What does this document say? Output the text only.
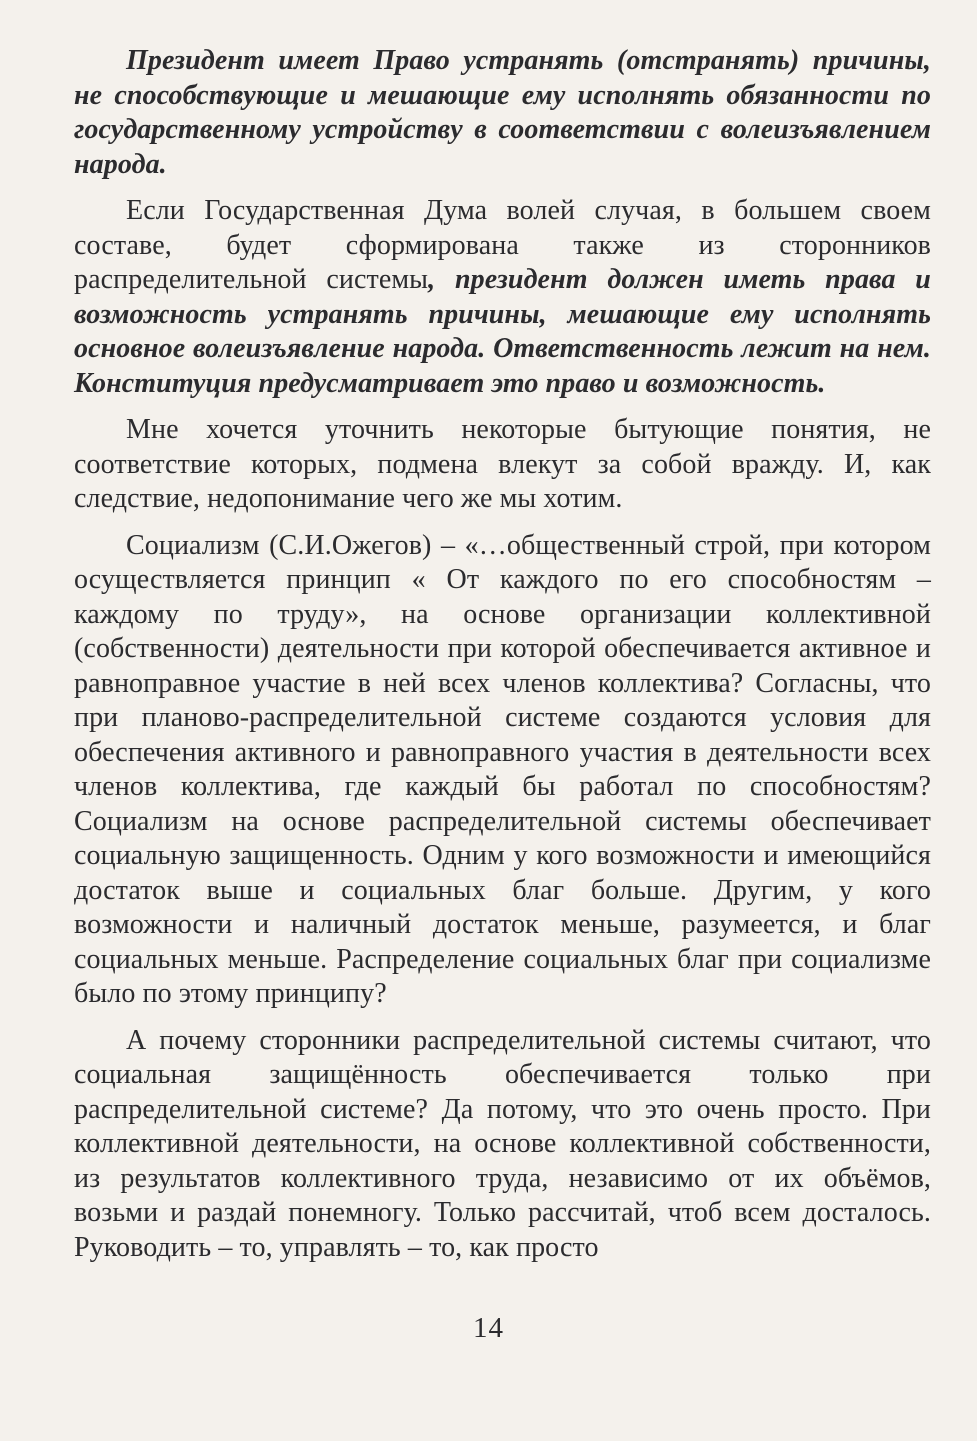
Президент имеет Право устранять (отстранять) причины, не способствующие и мешающие ему исполнять обязанности по государственному устройству в соответствии с волеизъявлением народа.

Если Государственная Дума волей случая, в большем своем составе, будет сформирована также из сторонников распределительной системы, президент должен иметь права и возможность устранять причины, мешающие ему исполнять основное волеизъявление народа. Ответственность лежит на нем. Конституция предусматривает это право и возможность.

Мне хочется уточнить некоторые бытующие понятия, не соответствие которых, подмена влекут за собой вражду. И, как следствие, недопонимание чего же мы хотим.

Социализм (С.И.Ожегов) – «…общественный строй, при котором осуществляется принцип « От каждого по его способностям – каждому по труду», на основе организации коллективной (собственности) деятельности при которой обеспечивается активное и равноправное участие в ней всех членов коллектива? Согласны, что при планово-распределительной системе создаются условия для обеспечения активного и равноправного участия в деятельности всех членов коллектива, где каждый бы работал по способностям? Социализм на основе распределительной системы обеспечивает социальную защищенность. Одним у кого возможности и имеющийся достаток выше и социальных благ больше. Другим, у кого возможности и наличный достаток меньше, разумеется, и благ социальных меньше. Распределение социальных благ при социализме было по этому принципу?

А почему сторонники распределительной системы считают, что социальная защищённость обеспечивается только при распределительной системе? Да потому, что это очень просто. При коллективной деятельности, на основе коллективной собственности, из результатов коллективного труда, независимо от их объёмов, возьми и раздай понемногу. Только рассчитай, чтоб всем досталось. Руководить – то, управлять – то, как просто

14
